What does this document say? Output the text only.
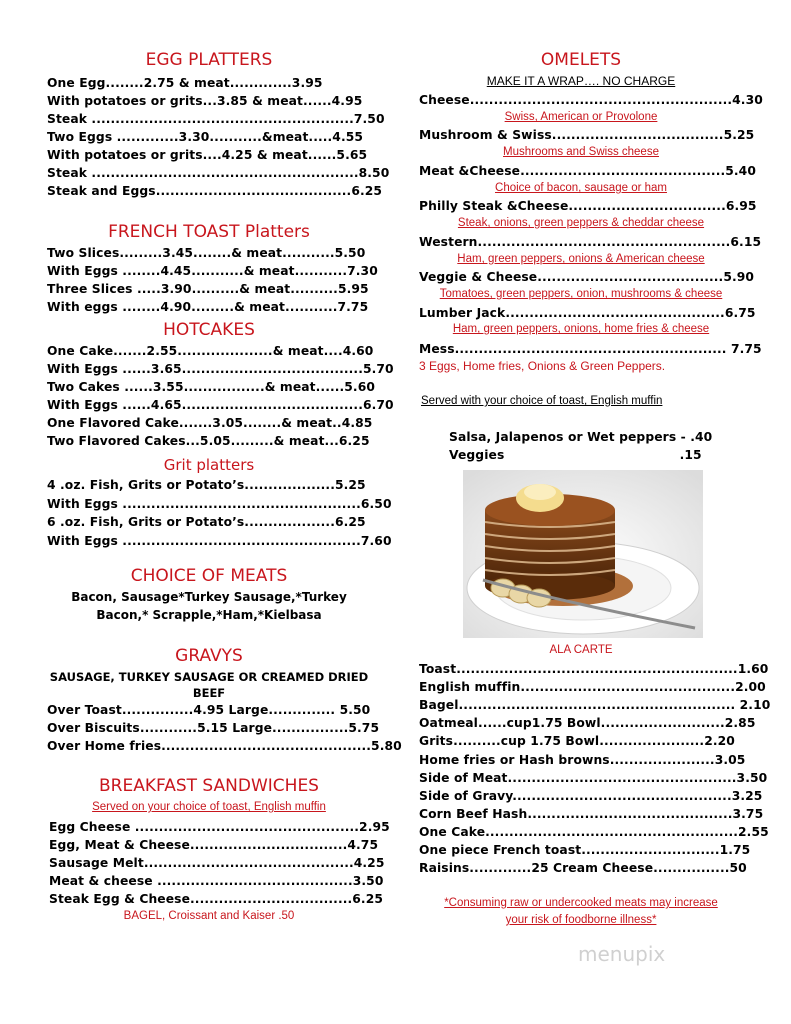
EGG PLATTERS
One Egg........2.75 & meat.............3.95
With potatoes or grits...3.85 & meat......4.95
Steak .......................................................7.50
Two Eggs .............3.30...........&meat.....4.55
With potatoes or grits....4.25 & meat......5.65
Steak ........................................................8.50
Steak and Eggs.........................................6.25
FRENCH TOAST Platters
Two Slices.........3.45........& meat...........5.50
With Eggs ........4.45...........& meat...........7.30
Three Slices .....3.90..........& meat..........5.95
With eggs ........4.90.........& meat...........7.75
HOTCAKES
One Cake.......2.55....................& meat....4.60
With Eggs ......3.65......................................5.70
Two Cakes ......3.55.................& meat......5.60
With Eggs ......4.65......................................6.70
One Flavored Cake.......3.05........& meat..4.85
Two Flavored Cakes...5.05.........& meat...6.25
Grit platters
4 .oz. Fish, Grits or Potato’s...................5.25
With Eggs ..................................................6.50
6 .oz. Fish, Grits or Potato’s...................6.25
With Eggs ..................................................7.60
CHOICE OF MEATS
Bacon, Sausage*Turkey Sausage,*Turkey
Bacon,* Scrapple,*Ham,*Kielbasa
GRAVYS
SAUSAGE, TURKEY SAUSAGE OR CREAMED DRIED
BEEF
Over Toast...............4.95 Large.............. 5.50
Over Biscuits............5.15 Large................5.75
Over Home fries............................................5.80
BREAKFAST SANDWICHES
Served on your choice of toast, English muffin
Egg Cheese ...............................................2.95
Egg, Meat & Cheese.................................4.75
Sausage Melt............................................4.25
Meat & cheese .........................................3.50
Steak Egg & Cheese..................................6.25
BAGEL, Croissant and Kaiser .50
OMELETS
MAKE IT A WRAP…. NO CHARGE
Cheese.......................................................4.30
Swiss, American or Provolone
Mushroom & Swiss....................................5.25
Mushrooms and Swiss cheese
Meat &Cheese...........................................5.40
Choice of bacon, sausage or ham
Philly Steak &Cheese.................................6.95
Steak, onions, green peppers & cheddar cheese
Western.....................................................6.15
Ham, green peppers, onions & American cheese
Veggie & Cheese.......................................5.90
Tomatoes, green peppers, onion, mushrooms & cheese
Lumber Jack..............................................6.75
Ham, green peppers, onions, home fries & cheese
Mess......................................................... 7.75
3 Eggs, Home fries, Onions & Green Peppers.
Served with your choice of toast, English muffin
Salsa, Jalapenos or Wet peppers - .40
Veggies                                        .15
ALA CARTE
Toast...........................................................1.60
English muffin.............................................2.00
Bagel.......................................................... 2.10
Oatmeal......cup1.75 Bowl..........................2.85
Grits..........cup 1.75 Bowl......................2.20
Home fries or Hash browns......................3.05
Side of Meat................................................3.50
Side of Gravy..............................................3.25
Corn Beef Hash...........................................3.75
One Cake.....................................................2.55
One piece French toast.............................1.75
Raisins.............25 Cream Cheese................50
*Consuming raw or undercooked meats may increase
your risk of foodborne illness*
menupix
